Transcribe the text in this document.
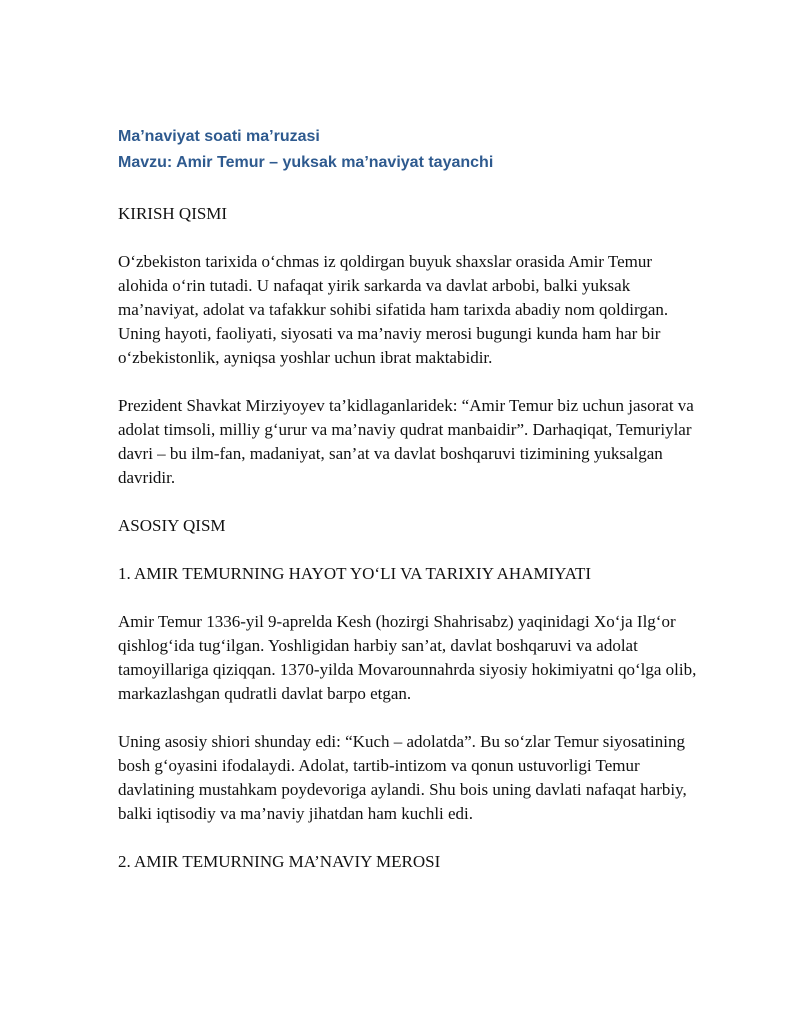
Ma’naviyat soati ma’ruzasi

Mavzu: Amir Temur – yuksak ma’naviyat tayanchi

KIRISH QISMI

O‘zbekiston tarixida o‘chmas iz qoldirgan buyuk shaxslar orasida Amir Temur alohida o‘rin tutadi. U nafaqat yirik sarkarda va davlat arbobi, balki yuksak ma’naviyat, adolat va tafakkur sohibi sifatida ham tarixda abadiy nom qoldirgan. Uning hayoti, faoliyati, siyosati va ma’naviy merosi bugungi kunda ham har bir o‘zbekistonlik, ayniqsa yoshlar uchun ibrat maktabidir.

Prezident Shavkat Mirziyoyev ta’kidlaganlaridek: “Amir Temur biz uchun jasorat va adolat timsoli, milliy g‘urur va ma’naviy qudrat manbaidir”. Darhaqiqat, Temuriylar davri – bu ilm-fan, madaniyat, san’at va davlat boshqaruvi tizimining yuksalgan davridir.

ASOSIY QISM

1. AMIR TEMURNING HAYOT YO‘LI VA TARIXIY AHAMIYATI

Amir Temur 1336-yil 9-aprelda Kesh (hozirgi Shahrisabz) yaqinidagi Xo‘ja Ilg‘or qishlog‘ida tug‘ilgan. Yoshligidan harbiy san’at, davlat boshqaruvi va adolat tamoyillariga qiziqqan. 1370-yilda Movarounnahrda siyosiy hokimiyatni qo‘lga olib, markazlashgan qudratli davlat barpo etgan.

Uning asosiy shiori shunday edi: “Kuch – adolatda”. Bu so‘zlar Temur siyosatining bosh g‘oyasini ifodalaydi. Adolat, tartib-intizom va qonun ustuvorligi Temur davlatining mustahkam poydevoriga aylandi. Shu bois uning davlati nafaqat harbiy, balki iqtisodiy va ma’naviy jihatdan ham kuchli edi.

2. AMIR TEMURNING MA’NAVIY MEROSI
